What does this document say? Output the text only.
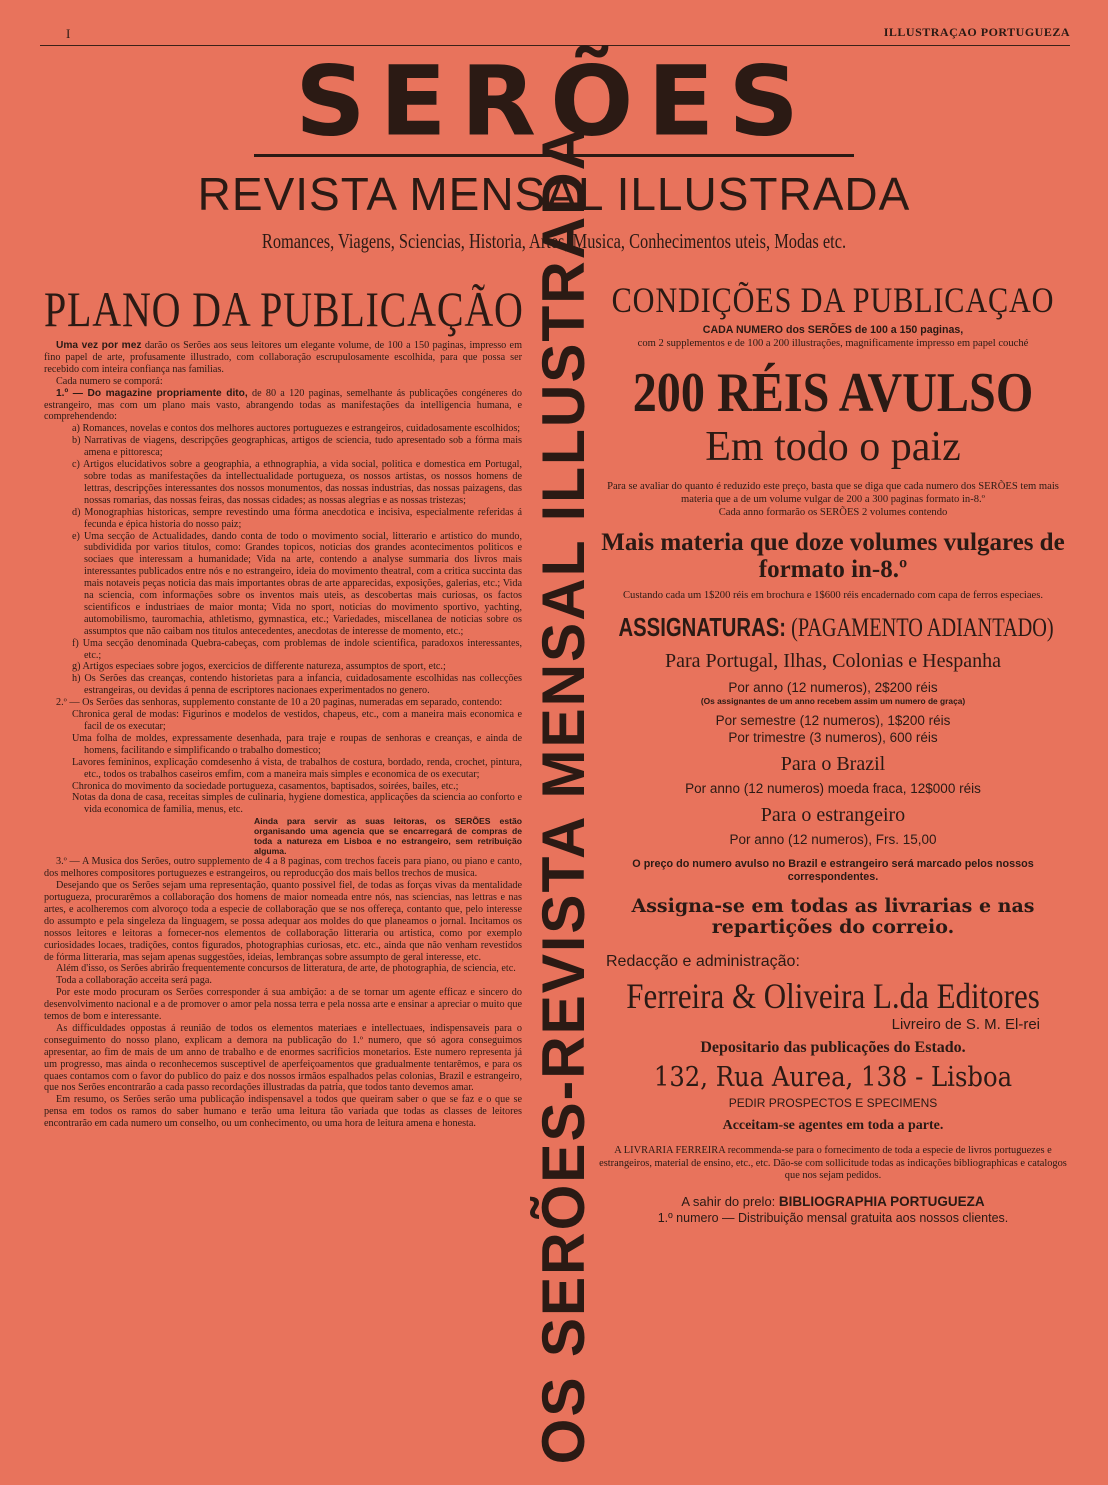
I	ILLUSTRAÇAO PORTUGUEZA
SERÕES
REVISTA MENSAL ILLUSTRADA
Romances, Viagens, Sciencias, Historia, Artes, Musica, Conhecimentos uteis, Modas etc.
PLANO DA PUBLICAÇÃO

Uma vez por mez darão os Serões aos seus leitores um elegante volume, de 100 a 150 paginas, impresso em fino papel de arte, profusamente illustrado, com collaboração escrupulosamente escolhida, para que possa ser recebido com inteira confiança nas familias.

Cada numero se comporá:

1.º — Do magazine propriamente dito, de 80 a 120 paginas, semelhante ás publicações congéneres do estrangeiro, mas com um plano mais vasto, abrangendo todas as manifestações da intelligencia humana, e comprehendendo:

a) Romances, novelas e contos dos melhores auctores portuguezes e estrangeiros, cuidadosamente escolhidos;
b) Narrativas de viagens, descripções geographicas, artigos de sciencia, tudo apresentado sob a fórma mais amena e pittoresca;
c) Artigos elucidativos sobre a geographia, a ethnographia, a vida social, politica e domestica em Portugal, sobre todas as manifestações da intellectualidade portugueza, os nossos artistas, os nossos homens de lettras, descripções interessantes dos nossos monumentos, das nossas industrias, das nossas paizagens, das nossas romarias, das nossas feiras, das nossas cidades; as nossas alegrias e as nossas tristezas;
d) Monographias historicas, sempre revestindo uma fórma anecdotica e incisiva, especialmente referidas á fecunda e épica historia do nosso paiz;
e) Uma secção de Actualidades, dando conta de todo o movimento social, litterario e artistico do mundo, subdividida por varios titulos, como: Grandes topicos, noticias dos grandes acontecimentos politicos e sociaes que interessam a humanidade; Vida na arte, contendo a analyse summaria dos livros mais interessantes publicados entre nós e no estrangeiro, ideia do movimento theatral, com a critica succinta das mais notaveis peças noticia das mais importantes obras de arte apparecidas, exposições, galerias, etc.; Vida na sciencia, com informações sobre os inventos mais uteis, as descobertas mais curiosas, os factos scientificos e industriaes de maior monta; Vida no sport, noticias do movimento sportivo, yachting, automobilismo, tauromachia, athletismo, gymnastica, etc.; Variedades, miscellanea de noticias sobre os assumptos que não caibam nos titulos antecedentes, anecdotas de interesse de momento, etc.;
f) Uma secção denominada Quebra-cabeças, com problemas de indole scientifica, paradoxos interessantes, etc.;
g) Artigos especiaes sobre jogos, exercicios de differente natureza, assumptos de sport, etc.;
h) Os Serões das creanças, contendo historietas para a infancia, cuidadosamente escolhidas nas collecções estrangeiras, ou devidas á penna de escriptores nacionaes experimentados no genero.

2.º — Os Serões das senhoras, supplemento constante de 10 a 20 paginas, numeradas em separado, contendo:

Chronica geral de modas: Figurinos e modelos de vestidos, chapeus, etc., com a maneira mais economica e facil de os executar;
Uma folha de moldes, expressamente desenhada, para traje e roupas de senhoras e creanças, e ainda de homens, facilitando e simplificando o trabalho domestico;
Lavores femininos, explicação comdesenho á vista, de trabalhos de costura, bordado, renda, crochet, pintura, etc., todos os trabalhos caseiros emfim, com a maneira mais simples e economica de os executar;
Chronica do movimento da sociedade portugueza, casamentos, baptisados, soirées, bailes, etc.;
Notas da dona de casa, receitas simples de culinaria, hygiene domestica, applicações da sciencia ao conforto e vida economica de familia, menus, etc.
Ainda para servir as suas leitoras, os SERÕES estão organisando uma agencia que se encarregará de compras de toda a natureza em Lisboa e no estrangeiro, sem retribuição alguma.

3.º — A Musica dos Serões, outro supplemento de 4 a 8 paginas, com trechos faceis para piano, ou piano e canto, dos melhores compositores portuguezes e estrangeiros, ou reproducção dos mais bellos trechos de musica.

Desejando que os Serões sejam uma representação, quanto possivel fiel, de todas as forças vivas da mentalidade portugueza, procurarêmos a collaboração dos homens de maior nomeada entre nós, nas sciencias, nas lettras e nas artes, e acolheremos com alvoroço toda a especie de collaboração que se nos offereça, contanto que, pelo interesse do assumpto e pela singeleza da linguagem, se possa adequar aos moldes do que planeamos o jornal. Incitamos os nossos leitores e leitoras a fornecer-nos elementos de collaboração litteraria ou artistica, como por exemplo curiosidades locaes, tradições, contos figurados, photographias curiosas, etc. etc., ainda que não venham revestidos de fórma litteraria, mas sejam apenas suggestões, ideias, lembranças sobre assumpto de geral interesse, etc.

Além d'isso, os Serões abrirão frequentemente concursos de litteratura, de arte, de photographia, de sciencia, etc.

Toda a collaboração acceita será paga.

Por este modo procuram os Serões corresponder á sua ambição: a de se tornar um agente efficaz e sincero do desenvolvimento nacional e a de promover o amor pela nossa terra e pela nossa arte e ensinar a apreciar o muito que temos de bom e interessante.

As difficuldades oppostas á reunião de todos os elementos materiaes e intellectuaes, indispensaveis para o conseguimento do nosso plano, explicam a demora na publicação do 1.º numero, que só agora conseguimos apresentar, ao fim de mais de um anno de trabalho e de enormes sacrificios monetarios. Este numero representa já um progresso, mas ainda o reconhecemos susceptivel de aperfeiçoamentos que gradualmente tentarêmos, e para os quaes contamos com o favor do publico do paiz e dos nossos irmãos espalhados pelas colonias, Brazil e estrangeiro, que nos Serões encontrarão a cada passo recordações illustradas da patria, que todos tanto devemos amar.

Em resumo, os Serões serão uma publicação indispensavel a todos que queiram saber o que se faz e o que se pensa em todos os ramos do saber humano e terão uma leitura tão variada que todas as classes de leitores encontrarão em cada numero um conselho, ou um conhecimento, ou uma hora de leitura amena e honesta. OS SERÕES-REVISTA MENSAL ILLUSTRADA CONDIÇÕES DA PUBLICAÇAO
CADA NUMERO dos SERÕES de 100 a 150 paginas,
com 2 supplementos e de 100 a 200 illustrações, magnificamente impresso em papel couché
200 RÉIS AVULSO
Em todo o paiz
Para se avaliar do quanto é reduzido este preço, basta que se diga que cada numero dos SERÕES tem mais materia que a de um volume vulgar de 200 a 300 paginas formato in-8.º
Cada anno formarão os SERÕES 2 volumes contendo
Mais materia que doze volumes vulgares de formato in-8.º
Custando cada um 1$200 réis em brochura e 1$600 réis encadernado com capa de ferros especiaes.
ASSIGNATURAS: (PAGAMENTO ADIANTADO)
Para Portugal, Ilhas, Colonias e Hespanha
Por anno (12 numeros), 2$200 réis
(Os assignantes de um anno recebem assim um numero de graça)
Por semestre (12 numeros), 1$200 réis
Por trimestre (3 numeros), 600 réis
Para o Brazil
Por anno (12 numeros) moeda fraca, 12$000 réis
Para o estrangeiro
Por anno (12 numeros), Frs. 15,00
O preço do numero avulso no Brazil e estrangeiro será marcado pelos nossos correspondentes.
Assigna-se em todas as livrarias e nas repartições do correio.
Redacção e administração:
Ferreira & Oliveira L.da Editores
Livreiro de S. M. El-rei
Depositario das publicações do Estado.
132, Rua Aurea, 138 - Lisboa
PEDIR PROSPECTOS E SPECIMENS
Acceitam-se agentes em toda a parte.
A LIVRARIA FERREIRA recommenda-se para o fornecimento de toda a especie de livros portuguezes e estrangeiros, material de ensino, etc., etc. Dão-se com sollicitude todas as indicações bibliographicas e catalogos que nos sejam pedidos.
A sahir do prelo: BIBLIOGRAPHIA PORTUGUEZA
1.º numero — Distribuição mensal gratuita aos nossos clientes.
